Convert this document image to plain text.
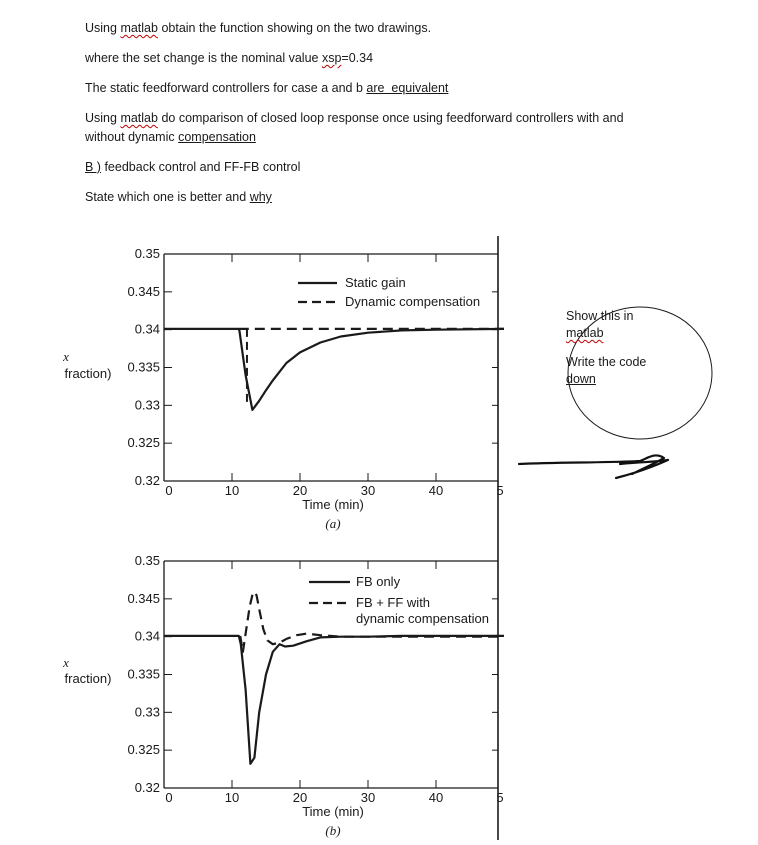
Using matlab obtain the function showing on the two drawings.
where the set change is the nominal value xsp=0.34
The static feedforward controllers for case a and b are  equivalent
Using matlab do comparison of closed loop response once using feedforward controllers with and
without dynamic compensation
B ) feedback control and FF-FB control
State which one is better and why
0.35
0.345
0.34
0.335
0.33
0.325
0.32
0	10	20	30	40	5
Time (min)
(a)
x
fraction)
Static gain
Dynamic compensation
0.35
0.345
0.34
0.335
0.33
0.325
0.32
0	10	20	30	40	5
Time (min)
(b)
x
fraction)
FB only
FB + FF with
dynamic compensation

Show this in

matlab

Write the code

down
